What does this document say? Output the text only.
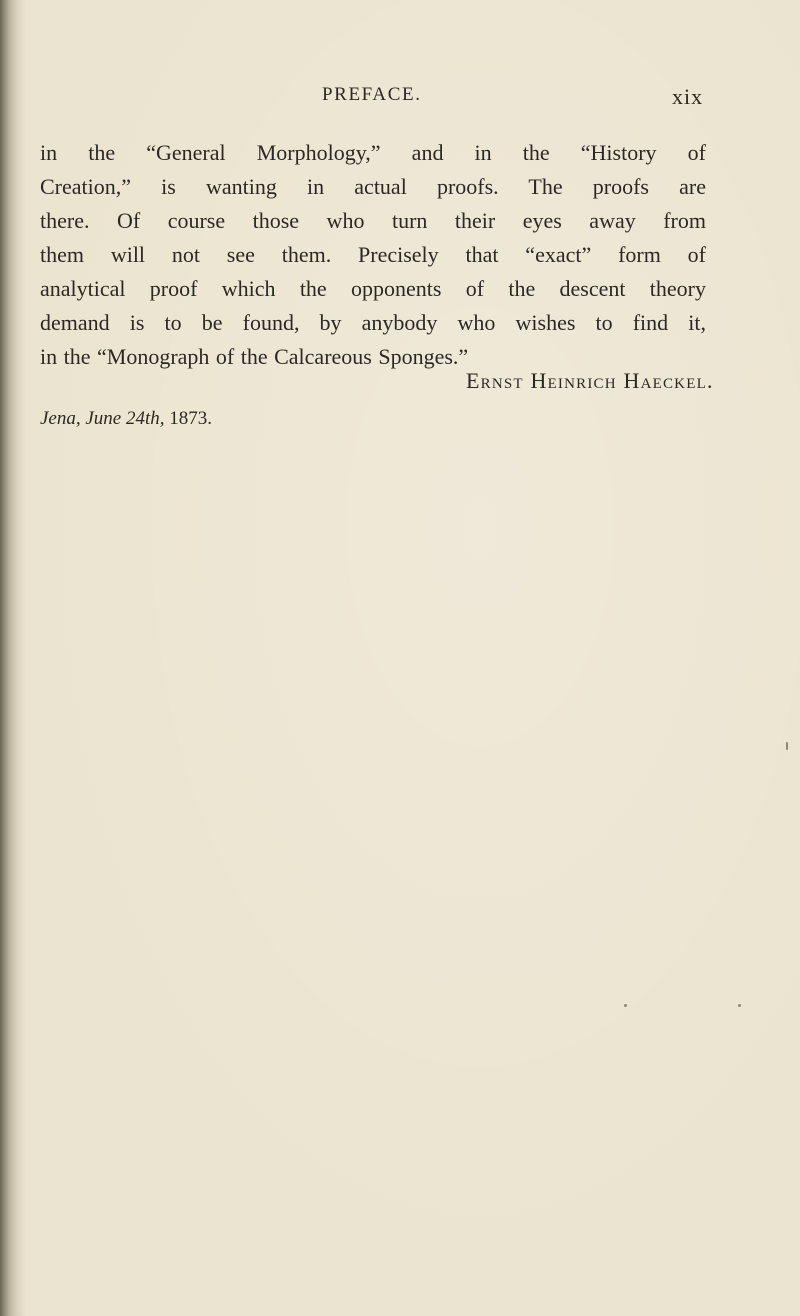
PREFACE.	xix
in the “General Morphology,” and in the “History of
Creation,” is wanting in actual proofs. The proofs are
there. Of course those who turn their eyes away from
them will not see them. Precisely that “exact” form of
analytical proof which the opponents of the descent theory
demand is to be found, by anybody who wishes to find it,
in the “Monograph of the Calcareous Sponges.”
Ernst Heinrich Haeckel.
Jena, June 24th, 1873.
